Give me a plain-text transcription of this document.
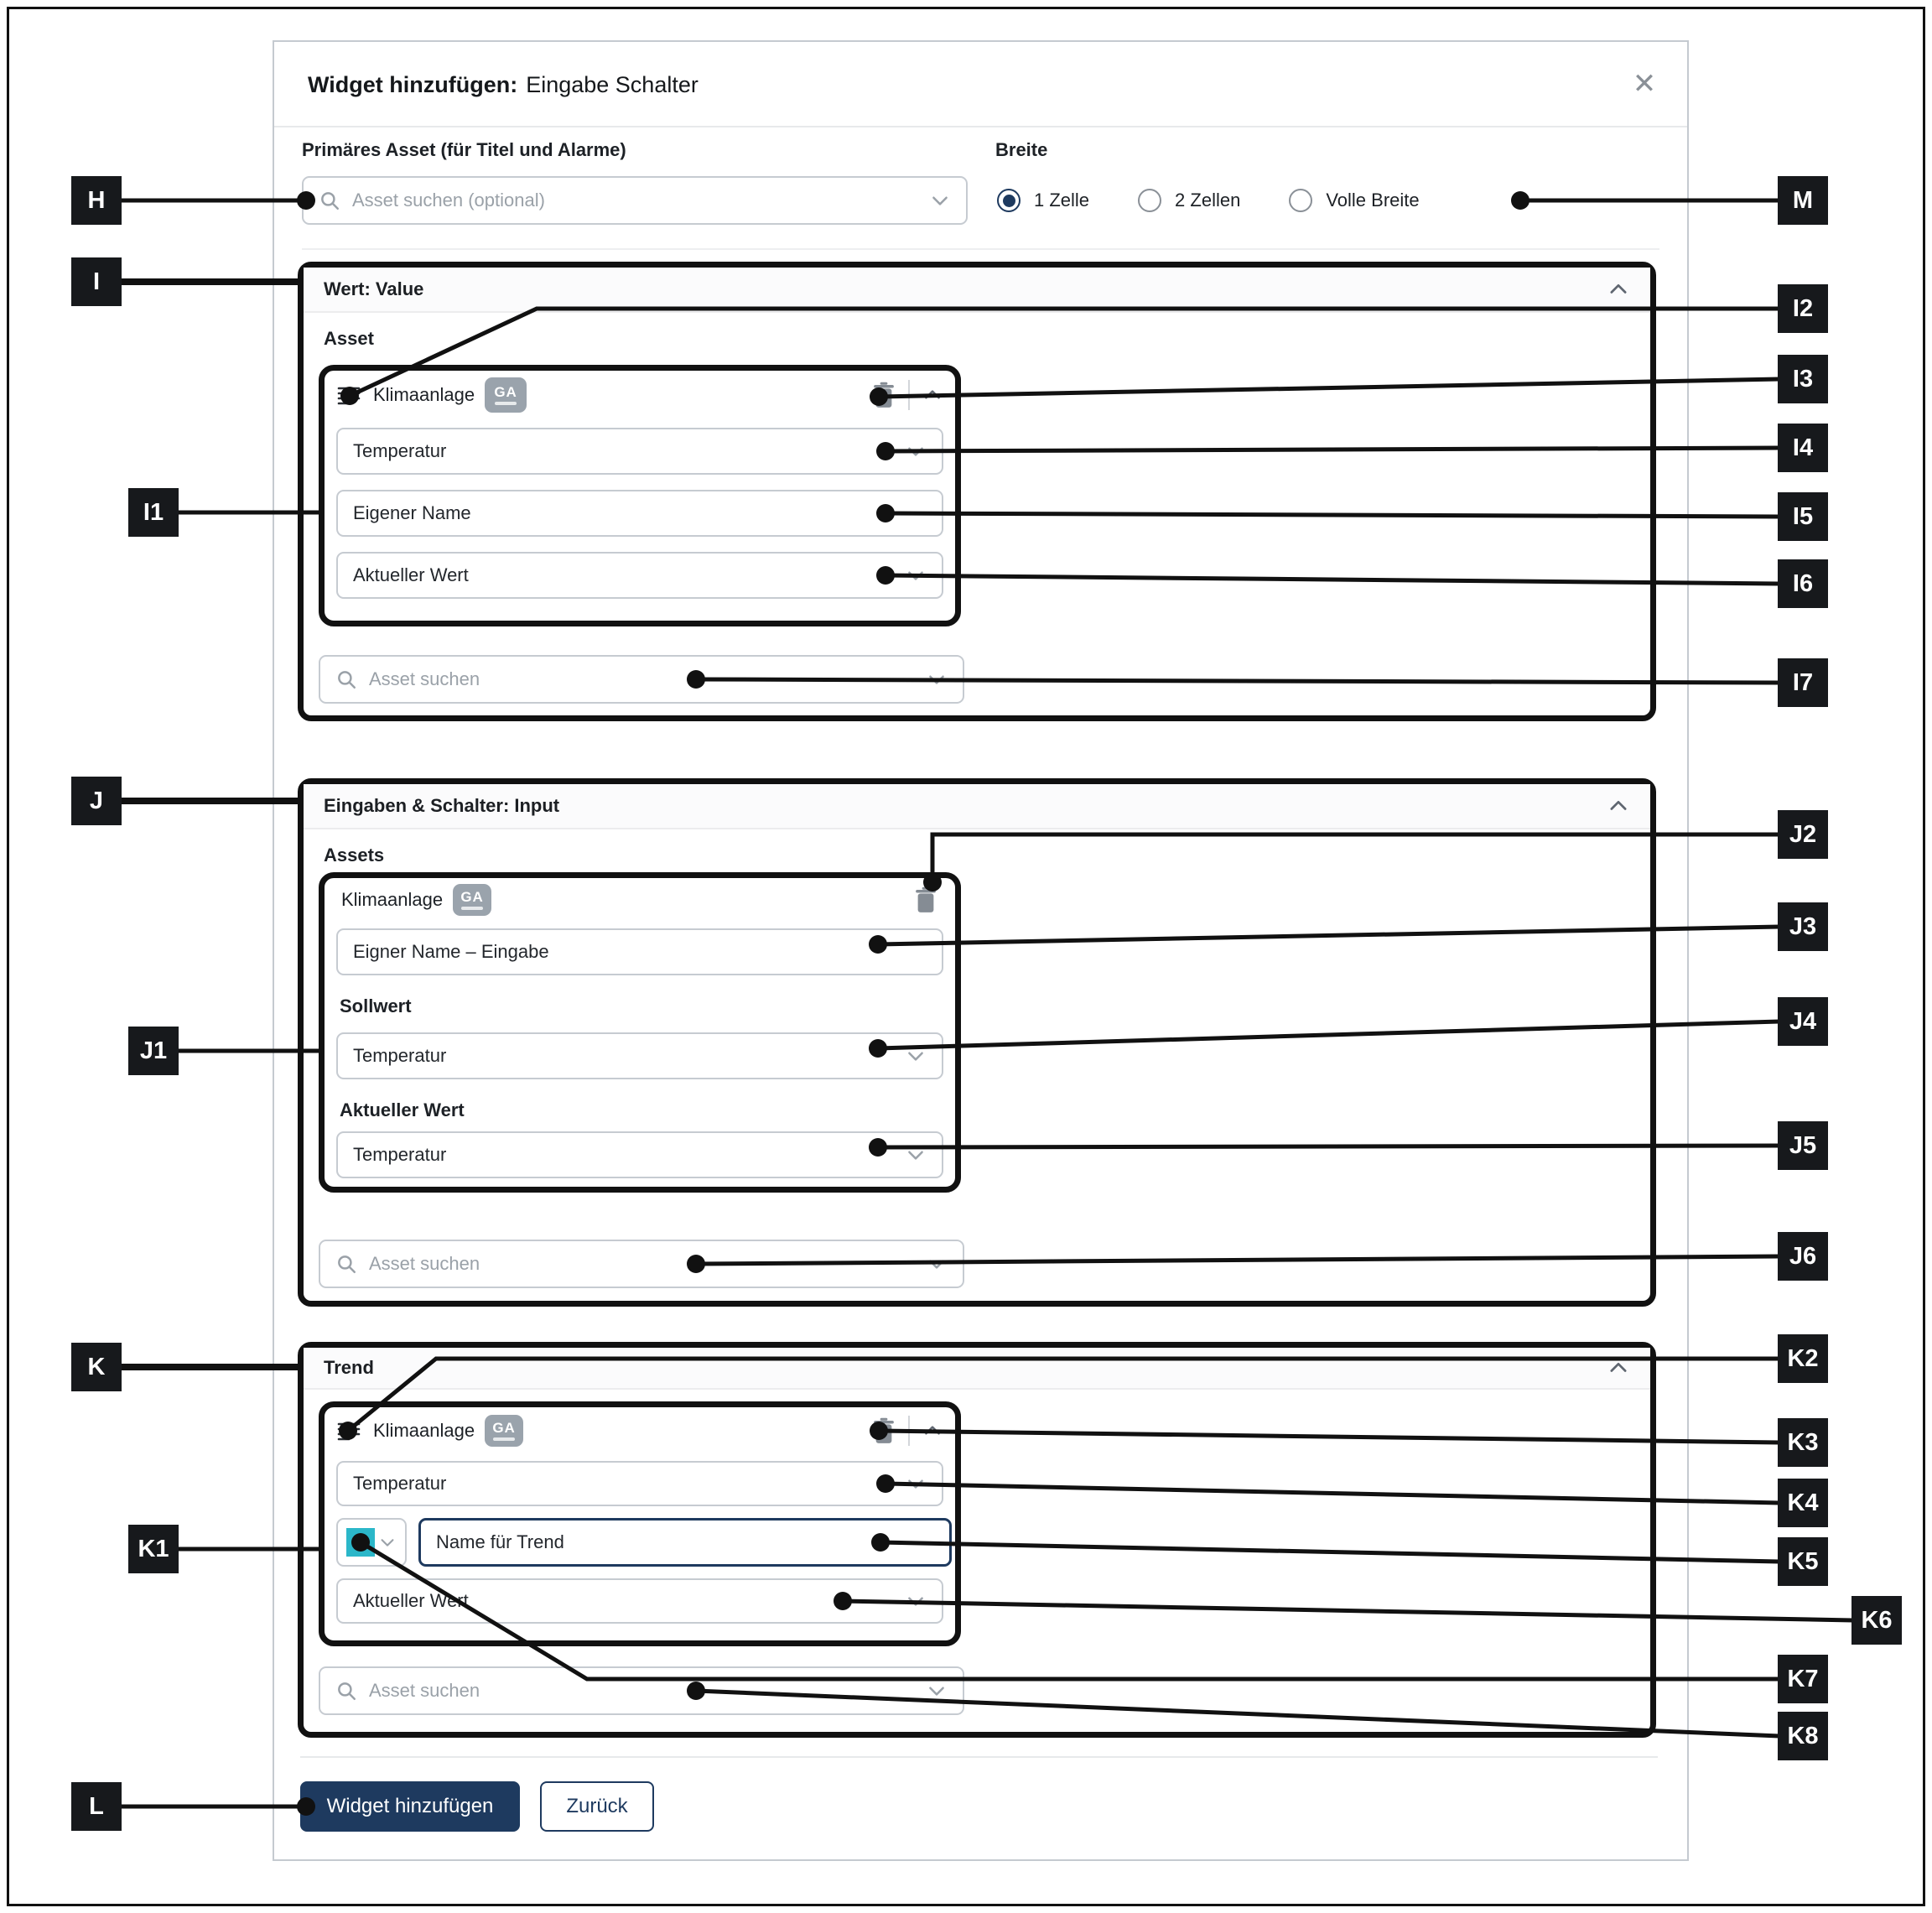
Widget hinzufügen: Eingabe Schalter	✕
Primäres Asset (für Titel und Alarme)
Asset suchen (optional)
Breite
1 Zelle	2 Zellen	Volle Breite
Wert: Value
Asset
Klimaanlage GA
Temperatur
Eigener Name
Aktueller Wert
Asset suchen
Eingaben & Schalter: Input
Assets
Klimaanlage GA
Eigner Name – Eingabe
Sollwert
Temperatur
Aktueller Wert
Temperatur
Asset suchen
Trend
Klimaanlage GA
Temperatur
Name für Trend
Aktueller Wert
Asset suchen
Widget hinzufügen	Zurück
H
I
I1
J
J1
K
K1
L
M
I2
I3
I4
I5
I6
I7
J2
J3
J4
J5
J6
K2
K3
K4
K5
K6
K7
K8
